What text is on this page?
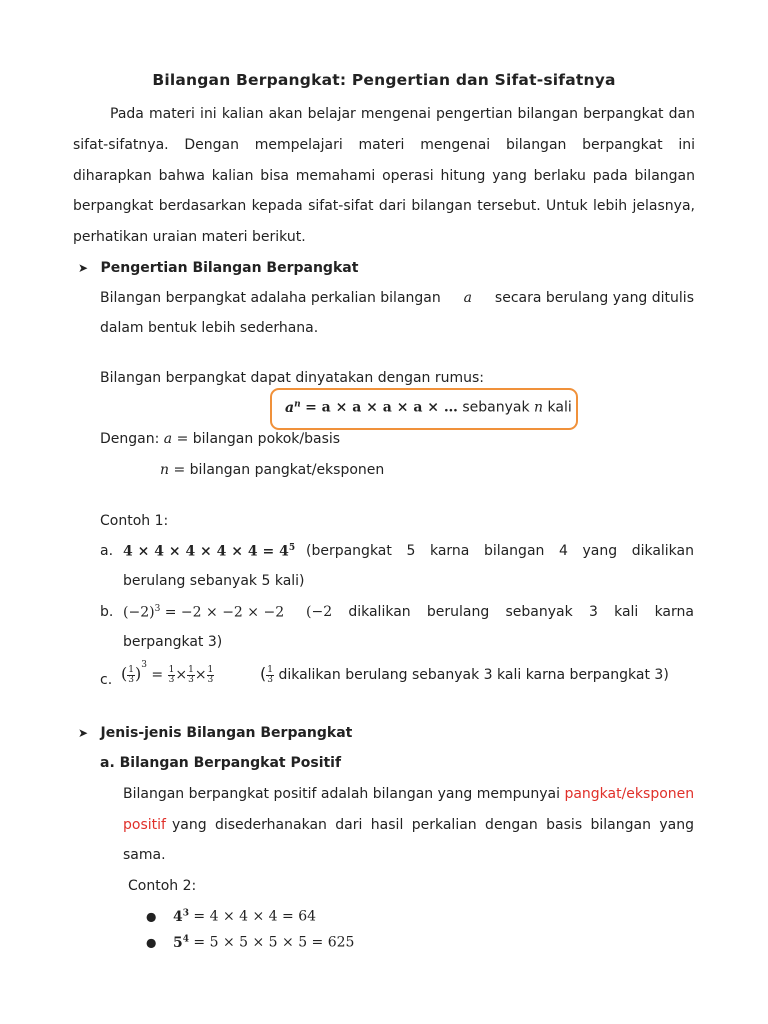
Bilangan Berpangkat: Pengertian dan Sifat-sifatnya
Pada materi ini kalian akan belajar mengenai pengertian bilangan berpangkat dan sifat-sifatnya. Dengan mempelajari materi mengenai bilangan berpangkat ini diharapkan bahwa kalian bisa memahami operasi hitung yang berlaku pada bilangan berpangkat berdasarkan kepada sifat-sifat dari bilangan tersebut. Untuk lebih jelasnya, perhatikan uraian materi berikut.
➤ Pengertian Bilangan Berpangkat
Bilangan berpangkat adalaha perkalian bilangan a secara berulang yang ditulis
dalam bentuk lebih sederhana.
Bilangan berpangkat dapat dinyatakan dengan rumus:
$a^n = a \times a \times a \times a$ × … sebanyak n kali
Dengan: a = bilangan pokok/basis
n = bilangan pangkat/eksponen
Contoh 1:
a. $4 \times 4 \times 4 \times 4 \times 4 = 4^5$ (berpangkat 5 karna bilangan 4 yang dikalikan
berulang sebanyak 5 kali)
b. $(-2)^3 = -2 \times -2 \times -2$ (−2 dikalikan berulang sebanyak 3 kali karna
berpangkat 3)
c. ( $\frac{1}{3} )^3 = \frac{1}{3} \times \frac{1}{3} \times \frac{1}{3}$	( $\frac{1}{3}$ dikalikan berulang sebanyak 3 kali karna berpangkat 3)
➤ Jenis-jenis Bilangan Berpangkat
a. Bilangan Berpangkat Positif
Bilangan berpangkat positif adalah bilangan yang mempunyai pangkat/eksponen
positif yang disederhanakan dari hasil perkalian dengan basis bilangan yang
sama.
Contoh 2:
● $4^3 = 4 \times 4 \times 4 = 64$
● $5^4 = 5 \times 5 \times 5 \times 5 = 625$
